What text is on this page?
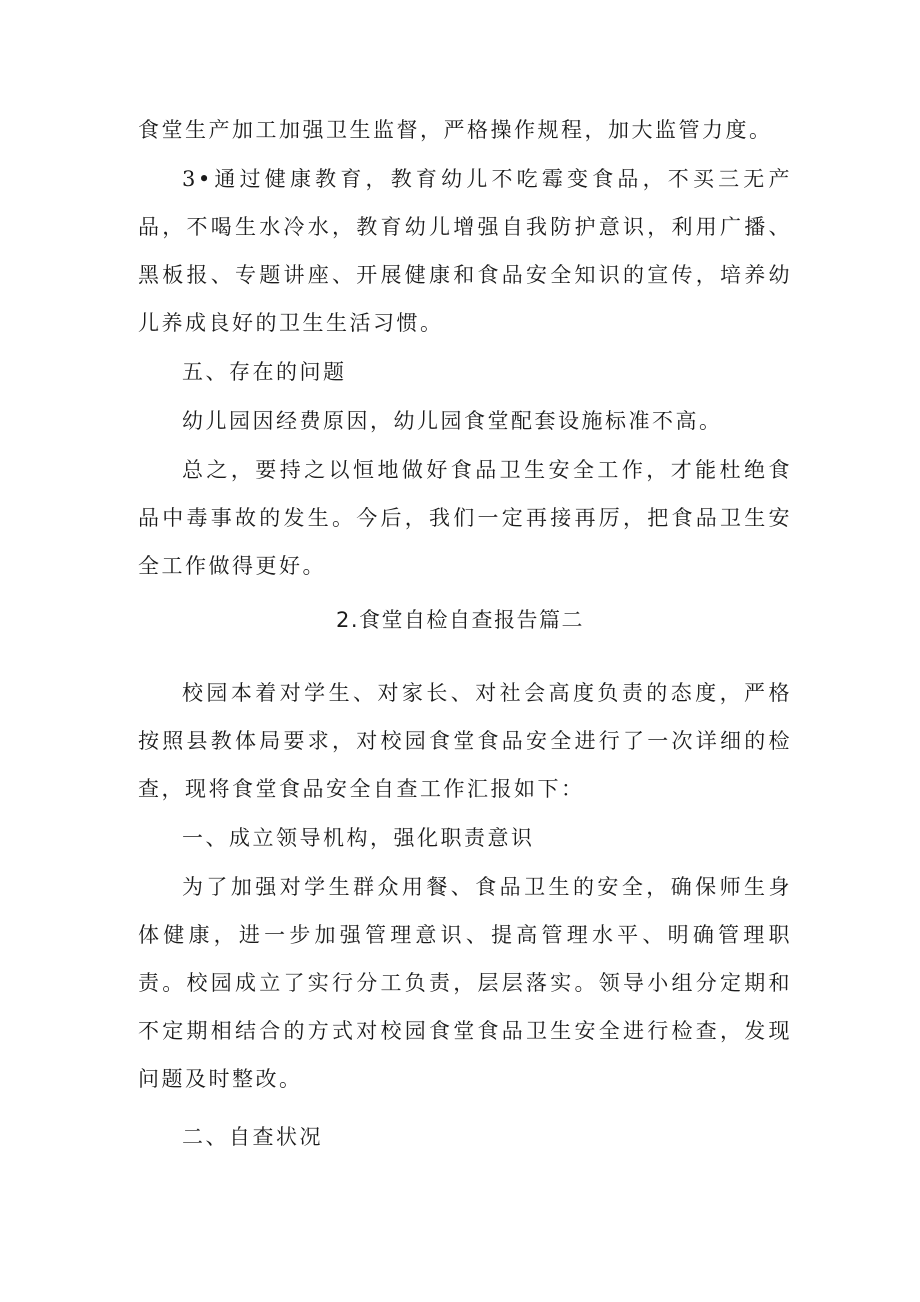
食堂生产加工加强卫生监督，严格操作规程，加大监管力度。

3•通过健康教育，教育幼儿不吃霉变食品，不买三无产品，不喝生水冷水，教育幼儿增强自我防护意识，利用广播、黑板报、专题讲座、开展健康和食品安全知识的宣传，培养幼儿养成良好的卫生生活习惯。

五、存在的问题

幼儿园因经费原因，幼儿园食堂配套设施标准不高。

总之，要持之以恒地做好食品卫生安全工作，才能杜绝食品中毒事故的发生。今后，我们一定再接再厉，把食品卫生安全工作做得更好。

2.食堂自检自查报告篇二

校园本着对学生、对家长、对社会高度负责的态度，严格按照县教体局要求，对校园食堂食品安全进行了一次详细的检查，现将食堂食品安全自查工作汇报如下：

一、成立领导机构，强化职责意识

为了加强对学生群众用餐、食品卫生的安全，确保师生身体健康，进一步加强管理意识、提高管理水平、明确管理职责。校园成立了实行分工负责，层层落实。领导小组分定期和不定期相结合的方式对校园食堂食品卫生安全进行检查，发现问题及时整改。

二、自查状况
